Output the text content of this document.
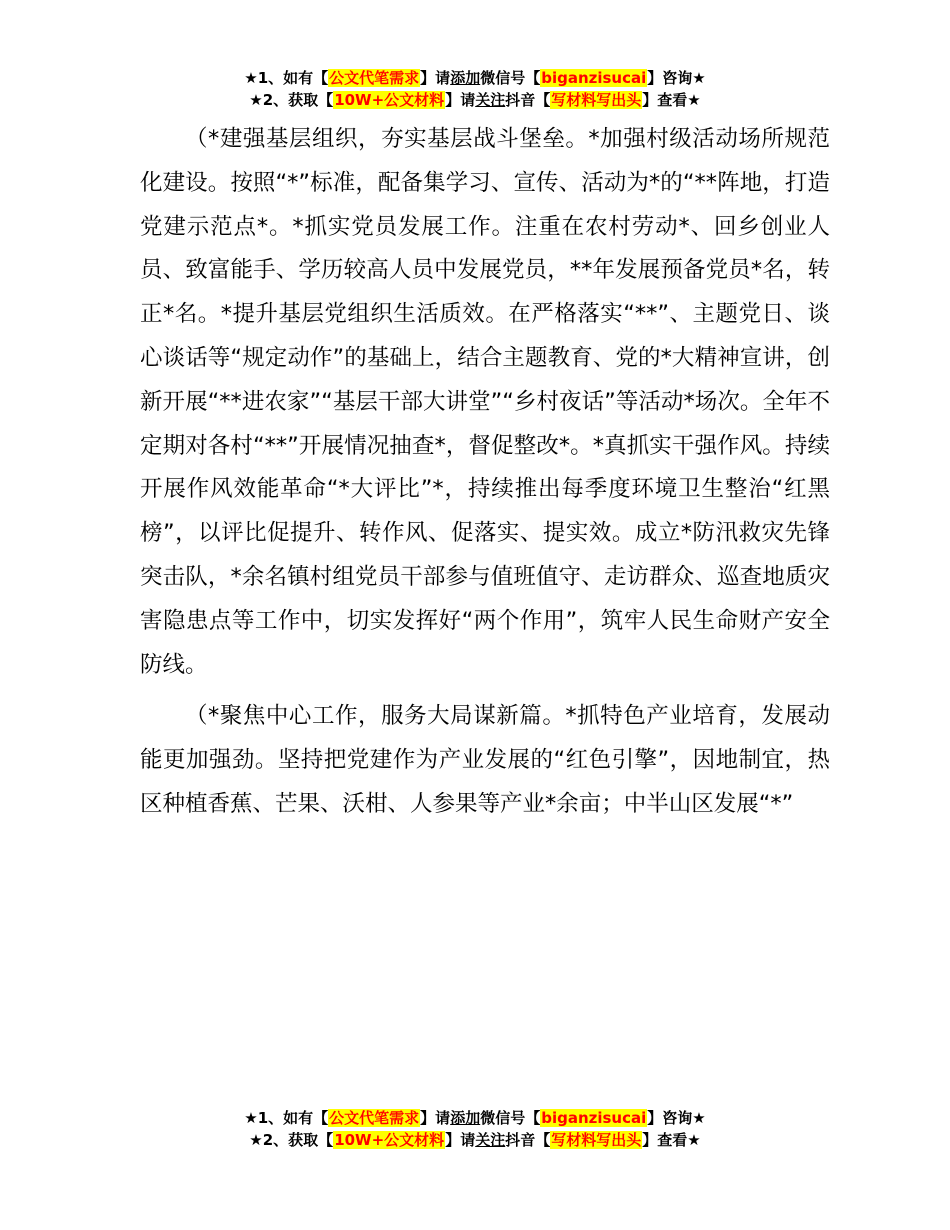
★1、如有【公文代笔需求】请添加微信号【biganzisucai】咨询★
★2、获取【10W+公文材料】请关注抖音【写材料写出头】查看★

（*建强基层组织，夯实基层战斗堡垒。*加强村级活动场所规范化建设。按照“*”标准，配备集学习、宣传、活动为*的“**阵地，打造党建示范点*。*抓实党员发展工作。注重在农村劳动*、回乡创业人员、致富能手、学历较高人员中发展党员，**年发展预备党员*名，转正*名。*提升基层党组织生活质效。在严格落实“**”、主题党日、谈心谈话等“规定动作”的基础上，结合主题教育、党的*大精神宣讲，创新开展“**进农家”“基层干部大讲堂”“乡村夜话”等活动*场次。全年不定期对各村“**”开展情况抽查*，督促整改*。*真抓实干强作风。持续开展作风效能革命“*大评比”*，持续推出每季度环境卫生整治“红黑榜”，以评比促提升、转作风、促落实、提实效。成立*防汛救灾先锋突击队，*余名镇村组党员干部参与值班值守、走访群众、巡查地质灾害隐患点等工作中，切实发挥好“两个作用”，筑牢人民生命财产安全防线。

（*聚焦中心工作，服务大局谋新篇。*抓特色产业培育，发展动能更加强劲。坚持把党建作为产业发展的“红色引擎”，因地制宜，热区种植香蕉、芒果、沃柑、人参果等产业*余亩；中半山区发展“*”

★1、如有【公文代笔需求】请添加微信号【biganzisucai】咨询★
★2、获取【10W+公文材料】请关注抖音【写材料写出头】查看★
